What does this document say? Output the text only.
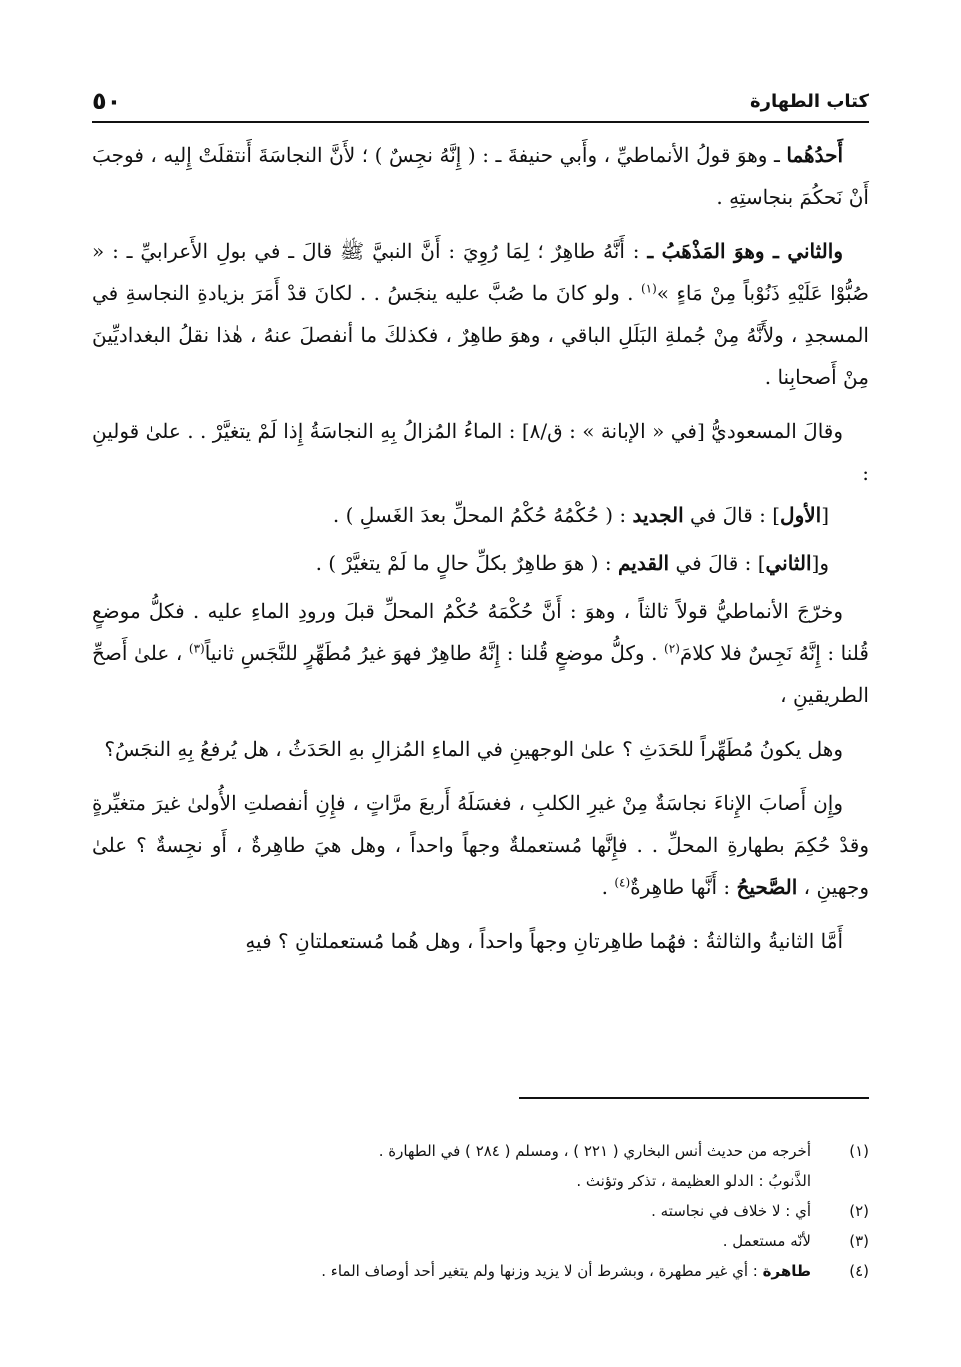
٥٠	كتاب الطهارة

أَحدُهُما ـ وهوَ قولُ الأنماطيِّ ، وأَبي حنيفةَ ـ : ( إِنَّهُ نجِسٌ ) ؛ لأَنَّ النجاسَةَ أَنتقلَتْ إِليه ، فوجبَ أَنْ نَحكُمَ بنجاستِهِ .

والثاني ـ وهوَ المَذْهَبُ ـ : أَنَّهُ طاهِرٌ ؛ لِمَا رُوِيَ : أَنَّ النبيَّ ﷺ قالَ ـ في بولِ الأَعرابيِّ ـ : « صُبُّوْا عَلَيْهِ ذَنُوْباً مِنْ مَاءٍ »$^{(١)}$ . ولو كانَ ما صُبَّ عليه ينجَسُ . . لكانَ قدْ أَمَرَ بزيادةِ النجاسةِ في المسجدِ ، ولأَنَّهُ مِنْ جُملةِ البَلَلِ الباقي ، وهوَ طاهِرٌ ، فكذلكَ ما أنفصلَ عنهُ ، هٰذا نقلُ البغداديِّينَ مِنْ أَصحابِنا .

وقالَ المسعوديُّ [في « الإبانة » : ق/٨] : الماءُ المُزالُ بِهِ النجاسَةُ إِذا لَمْ يتغيَّرْ . . علىٰ قولينِ :

[الأول] : قالَ في الجديد : ( حُكْمُهُ حُكْمُ المحلِّ بعدَ الغَسلِ ) .

و[الثاني] : قالَ في القديم : ( هوَ طاهِرٌ بكلِّ حالٍ ما لَمْ يتغيَّرْ ) .

وخرّجَ الأنماطيُّ قولاً ثالثاً ، وهوَ : أَنَّ حُكْمَهُ حُكْمُ المحلِّ قبلَ ورودِ الماءِ عليه . فكلُّ موضعٍ قُلنا : إِنَّهُ نَجِسٌ فلا كلامَ$^{(٢)}$ . وكلُّ موضعٍ قُلنا : إِنَّهُ طاهِرٌ فهوَ غيرُ مُطَهِّرٍ للنَّجَسِ ثانياً$^{(٣)}$ ، علىٰ أَصحِّ الطريقينِ ،

وهل يكونُ مُطَهِّراً للحَدَثِ ؟ علىٰ الوجهينِ في الماءِ المُزالِ بهِ الحَدَثُ ، هل يُرفعُ بِهِ النجَسُ؟

وإِن أَصابَ الإِناءَ نجاسَةٌ مِنْ غيرِ الكلبِ ، فغسَلَهُ أَربعَ مرَّاتٍ ، فإِنِ أنفصلتِ الأُولىٰ غيرَ متغيِّرةٍ وقدْ حُكِمَ بطهارةِ المحلِّ . . فإِنَّها مُستعملةٌ وجهاً واحداً ، وهل هيَ طاهِرةٌ ، أَو نجِسةٌ ؟ علىٰ وجهينِ ، الصَّحيحُ : أَنَّها طاهِرةٌ$^{(٤)}$ .

أَمَّا الثانيةُ والثالثةُ : فهُما طاهِرتانِ وجهاً واحداً ، وهل هُما مُستعملتانِ ؟ فيهِ

(١)
أخرجه من حديث أنس البخاري ( ٢٢١ ) ، ومسلم ( ٢٨٤ ) في الطهارة .
الذَّنوبُ : الدلو العظيمة ، تذكر وتؤنث .
(٢)
أي : لا خلاف في نجاسته .
(٣)
لأنّه مستعمل .
(٤)
طاهرة : أي غير مطهرة ، وبشرط أن لا يزيد وزنها ولم يتغير أحد أوصاف الماء .
